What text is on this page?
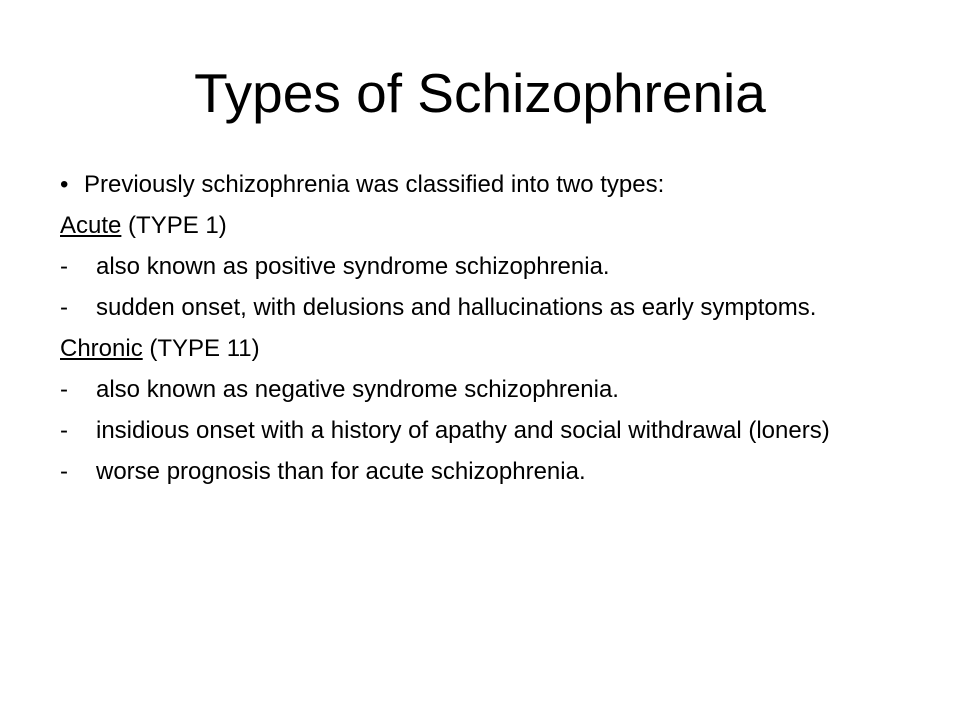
Types of Schizophrenia
• Previously schizophrenia was classified into two types:
Acute (TYPE 1)
- also known as positive syndrome schizophrenia.
- sudden onset, with delusions and hallucinations as early symptoms.
Chronic (TYPE 11)
- also known as negative syndrome schizophrenia.
- insidious onset with a history of apathy and social withdrawal (loners)
- worse prognosis than for acute schizophrenia.
